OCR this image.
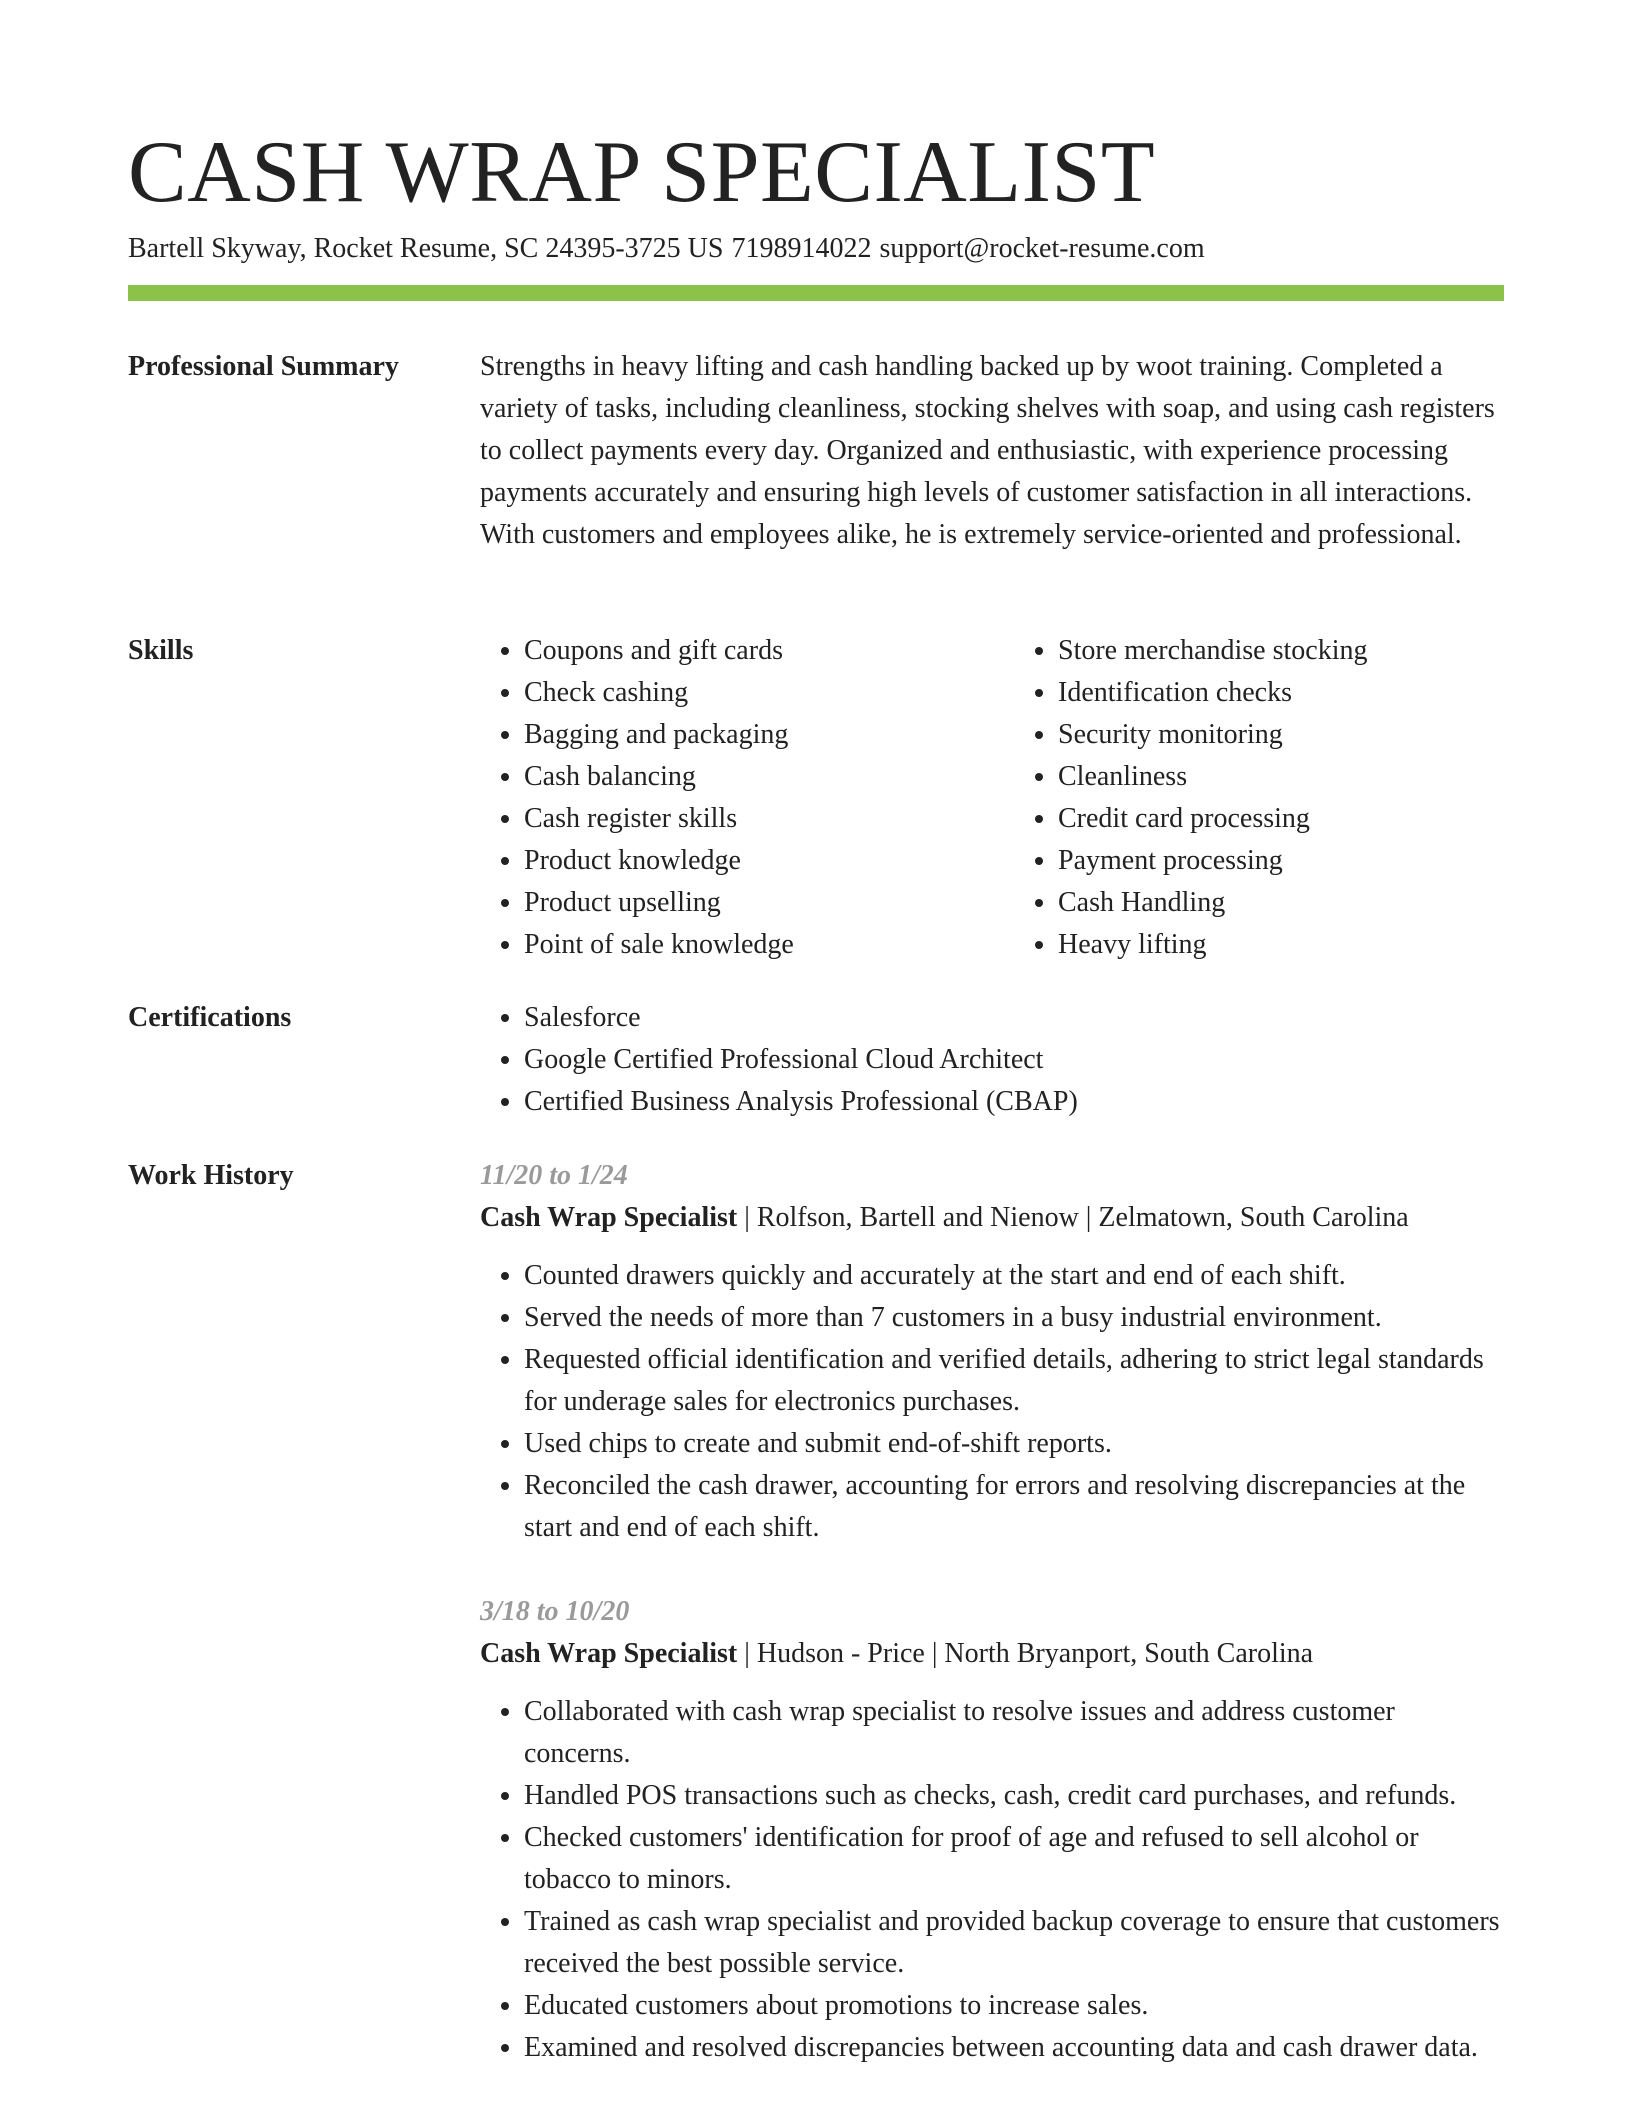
CASH WRAP SPECIALIST
Bartell Skyway, Rocket Resume, SC 24395-3725 US 7198914022 support@rocket-resume.com
Professional Summary	Strengths in heavy lifting and cash handling backed up by woot training. Completed a variety of tasks, including cleanliness, stocking shelves with soap, and using cash registers to collect payments every day. Organized and enthusiastic, with experience processing payments accurately and ensuring high levels of customer satisfaction in all interactions. With customers and employees alike, he is extremely service-oriented and professional.

Skills	• Coupons and gift cards
• Check cashing
• Bagging and packaging
• Cash balancing
• Cash register skills
• Product knowledge
• Product upselling
• Point of sale knowledge
• Store merchandise stocking
• Identification checks
• Security monitoring
• Cleanliness
• Credit card processing
• Payment processing
• Cash Handling
• Heavy lifting
Certifications	• Salesforce
• Google Certified Professional Cloud Architect
• Certified Business Analysis Professional (CBAP)
Work History	11/20 to 1/24
Cash Wrap Specialist | Rolfson, Bartell and Nienow | Zelmatown, South Carolina
• Counted drawers quickly and accurately at the start and end of each shift.
• Served the needs of more than 7 customers in a busy industrial environment.
• Requested official identification and verified details, adhering to strict legal standards for underage sales for electronics purchases.
• Used chips to create and submit end-of-shift reports.
• Reconciled the cash drawer, accounting for errors and resolving discrepancies at the start and end of each shift.
3/18 to 10/20
Cash Wrap Specialist | Hudson - Price | North Bryanport, South Carolina
• Collaborated with cash wrap specialist to resolve issues and address customer concerns.
• Handled POS transactions such as checks, cash, credit card purchases, and refunds.
• Checked customers' identification for proof of age and refused to sell alcohol or tobacco to minors.
• Trained as cash wrap specialist and provided backup coverage to ensure that customers received the best possible service.
• Educated customers about promotions to increase sales.
• Examined and resolved discrepancies between accounting data and cash drawer data.
